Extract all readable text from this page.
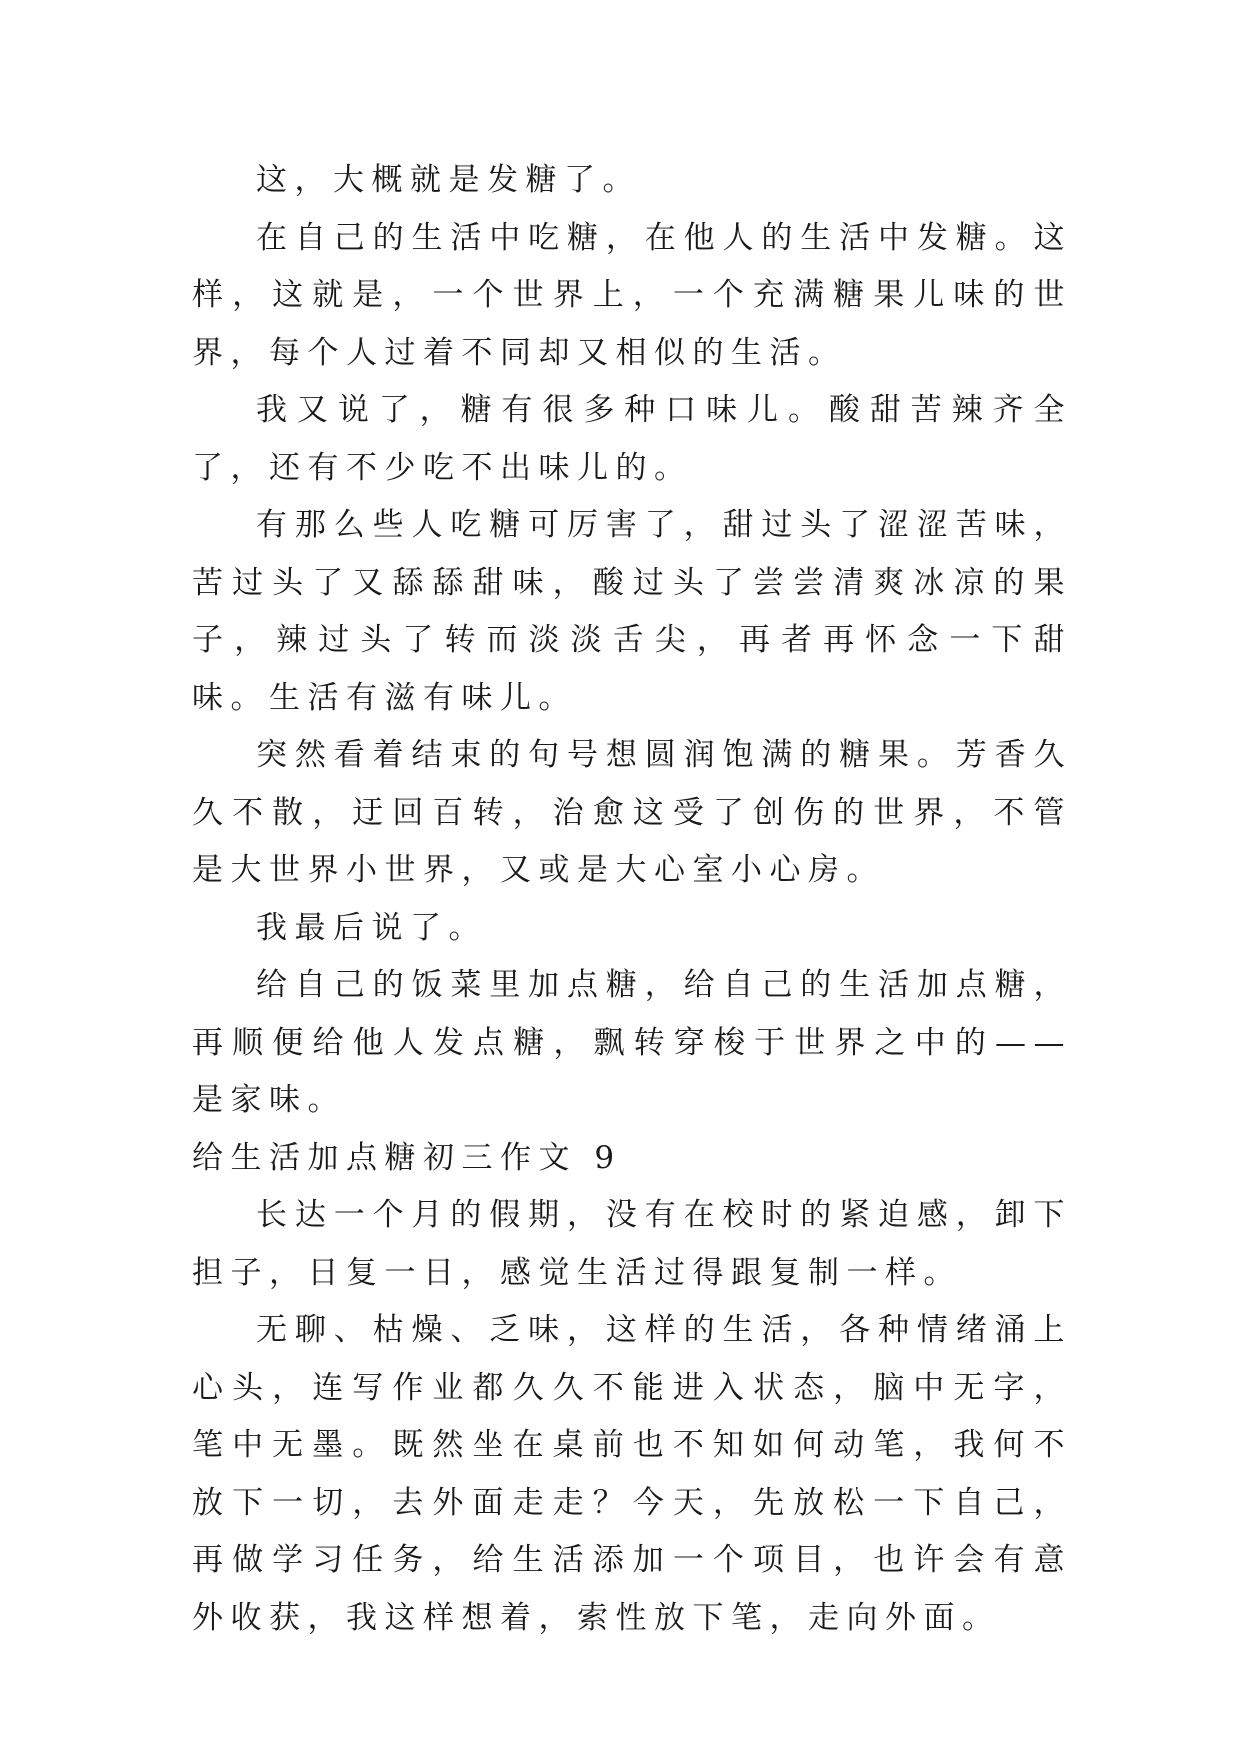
这，大概就是发糖了。

在自己的生活中吃糖，在他人的生活中发糖。这样，这就是，一个世界上，一个充满糖果儿味的世界，每个人过着不同却又相似的生活。

我又说了，糖有很多种口味儿。酸甜苦辣齐全了，还有不少吃不出味儿的。

有那么些人吃糖可厉害了，甜过头了涩涩苦味，苦过头了又舔舔甜味，酸过头了尝尝清爽冰凉的果子，辣过头了转而淡淡舌尖，再者再怀念一下甜味。生活有滋有味儿。

突然看着结束的句号想圆润饱满的糖果。芳香久久不散，迂回百转，治愈这受了创伤的世界，不管是大世界小世界，又或是大心室小心房。

我最后说了。

给自己的饭菜里加点糖，给自己的生活加点糖，再顺便给他人发点糖，飘转穿梭于世界之中的——是家味。

给生活加点糖初三作文 9

长达一个月的假期，没有在校时的紧迫感，卸下担子，日复一日，感觉生活过得跟复制一样。

无聊、枯燥、乏味，这样的生活，各种情绪涌上心头，连写作业都久久不能进入状态，脑中无字，笔中无墨。既然坐在桌前也不知如何动笔，我何不放下一切，去外面走走？今天，先放松一下自己，再做学习任务，给生活添加一个项目，也许会有意外收获，我这样想着，索性放下笔，走向外面。
